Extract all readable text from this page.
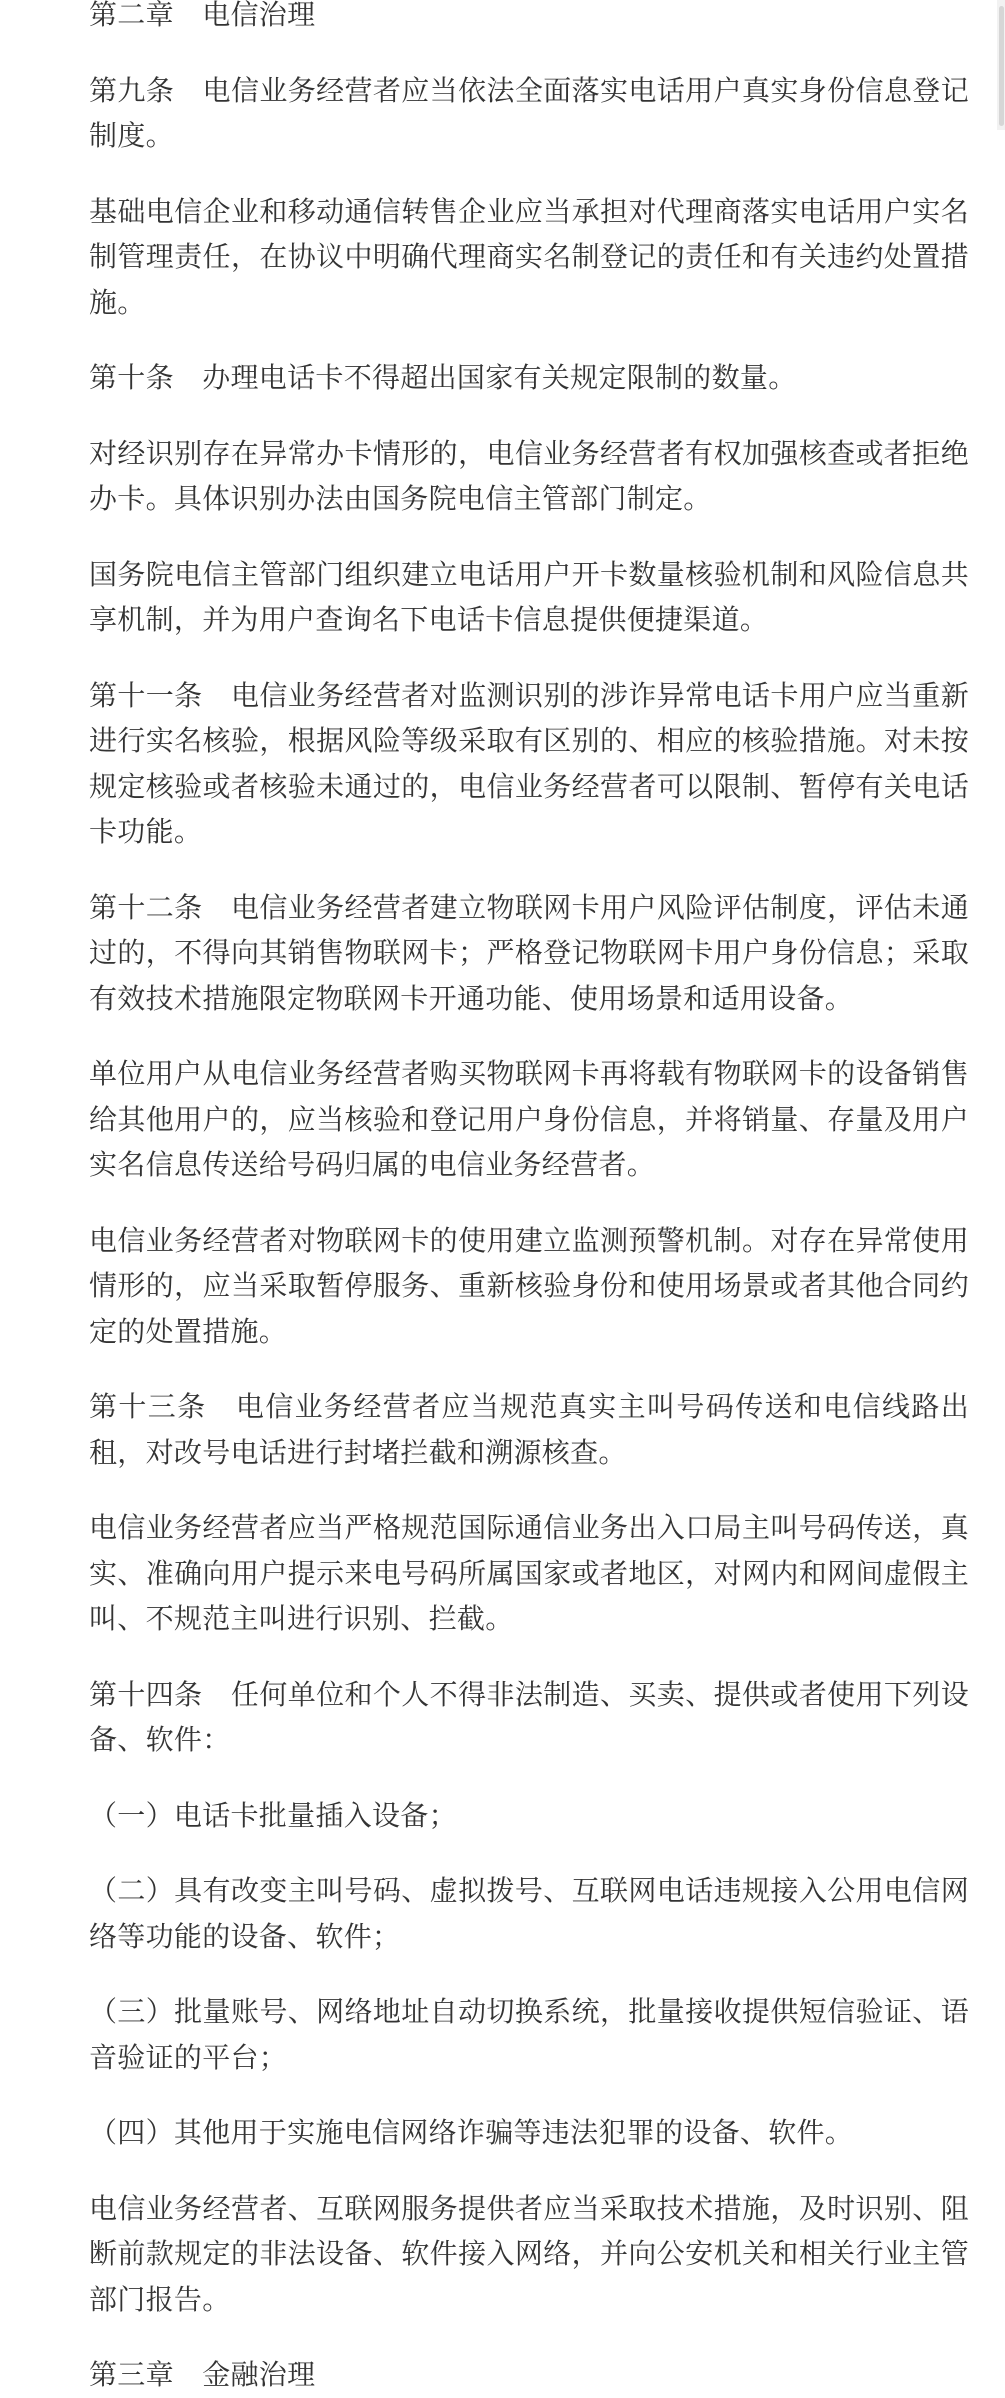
第二章　电信治理

第九条　电信业务经营者应当依法全面落实电话用户真实身份信息登记制度。

基础电信企业和移动通信转售企业应当承担对代理商落实电话用户实名制管理责任，在协议中明确代理商实名制登记的责任和有关违约处置措施。

第十条　办理电话卡不得超出国家有关规定限制的数量。

对经识别存在异常办卡情形的，电信业务经营者有权加强核查或者拒绝办卡。具体识别办法由国务院电信主管部门制定。

国务院电信主管部门组织建立电话用户开卡数量核验机制和风险信息共享机制，并为用户查询名下电话卡信息提供便捷渠道。

第十一条　电信业务经营者对监测识别的涉诈异常电话卡用户应当重新进行实名核验，根据风险等级采取有区别的、相应的核验措施。对未按规定核验或者核验未通过的，电信业务经营者可以限制、暂停有关电话卡功能。

第十二条　电信业务经营者建立物联网卡用户风险评估制度，评估未通过的，不得向其销售物联网卡；严格登记物联网卡用户身份信息；采取有效技术措施限定物联网卡开通功能、使用场景和适用设备。

单位用户从电信业务经营者购买物联网卡再将载有物联网卡的设备销售给其他用户的，应当核验和登记用户身份信息，并将销量、存量及用户实名信息传送给号码归属的电信业务经营者。

电信业务经营者对物联网卡的使用建立监测预警机制。对存在异常使用情形的，应当采取暂停服务、重新核验身份和使用场景或者其他合同约定的处置措施。

第十三条　电信业务经营者应当规范真实主叫号码传送和电信线路出租，对改号电话进行封堵拦截和溯源核查。

电信业务经营者应当严格规范国际通信业务出入口局主叫号码传送，真实、准确向用户提示来电号码所属国家或者地区，对网内和网间虚假主叫、不规范主叫进行识别、拦截。

第十四条　任何单位和个人不得非法制造、买卖、提供或者使用下列设备、软件：

（一）电话卡批量插入设备；

（二）具有改变主叫号码、虚拟拨号、互联网电话违规接入公用电信网络等功能的设备、软件；

（三）批量账号、网络地址自动切换系统，批量接收提供短信验证、语音验证的平台；

（四）其他用于实施电信网络诈骗等违法犯罪的设备、软件。

电信业务经营者、互联网服务提供者应当采取技术措施，及时识别、阻断前款规定的非法设备、软件接入网络，并向公安机关和相关行业主管部门报告。

第三章　金融治理
